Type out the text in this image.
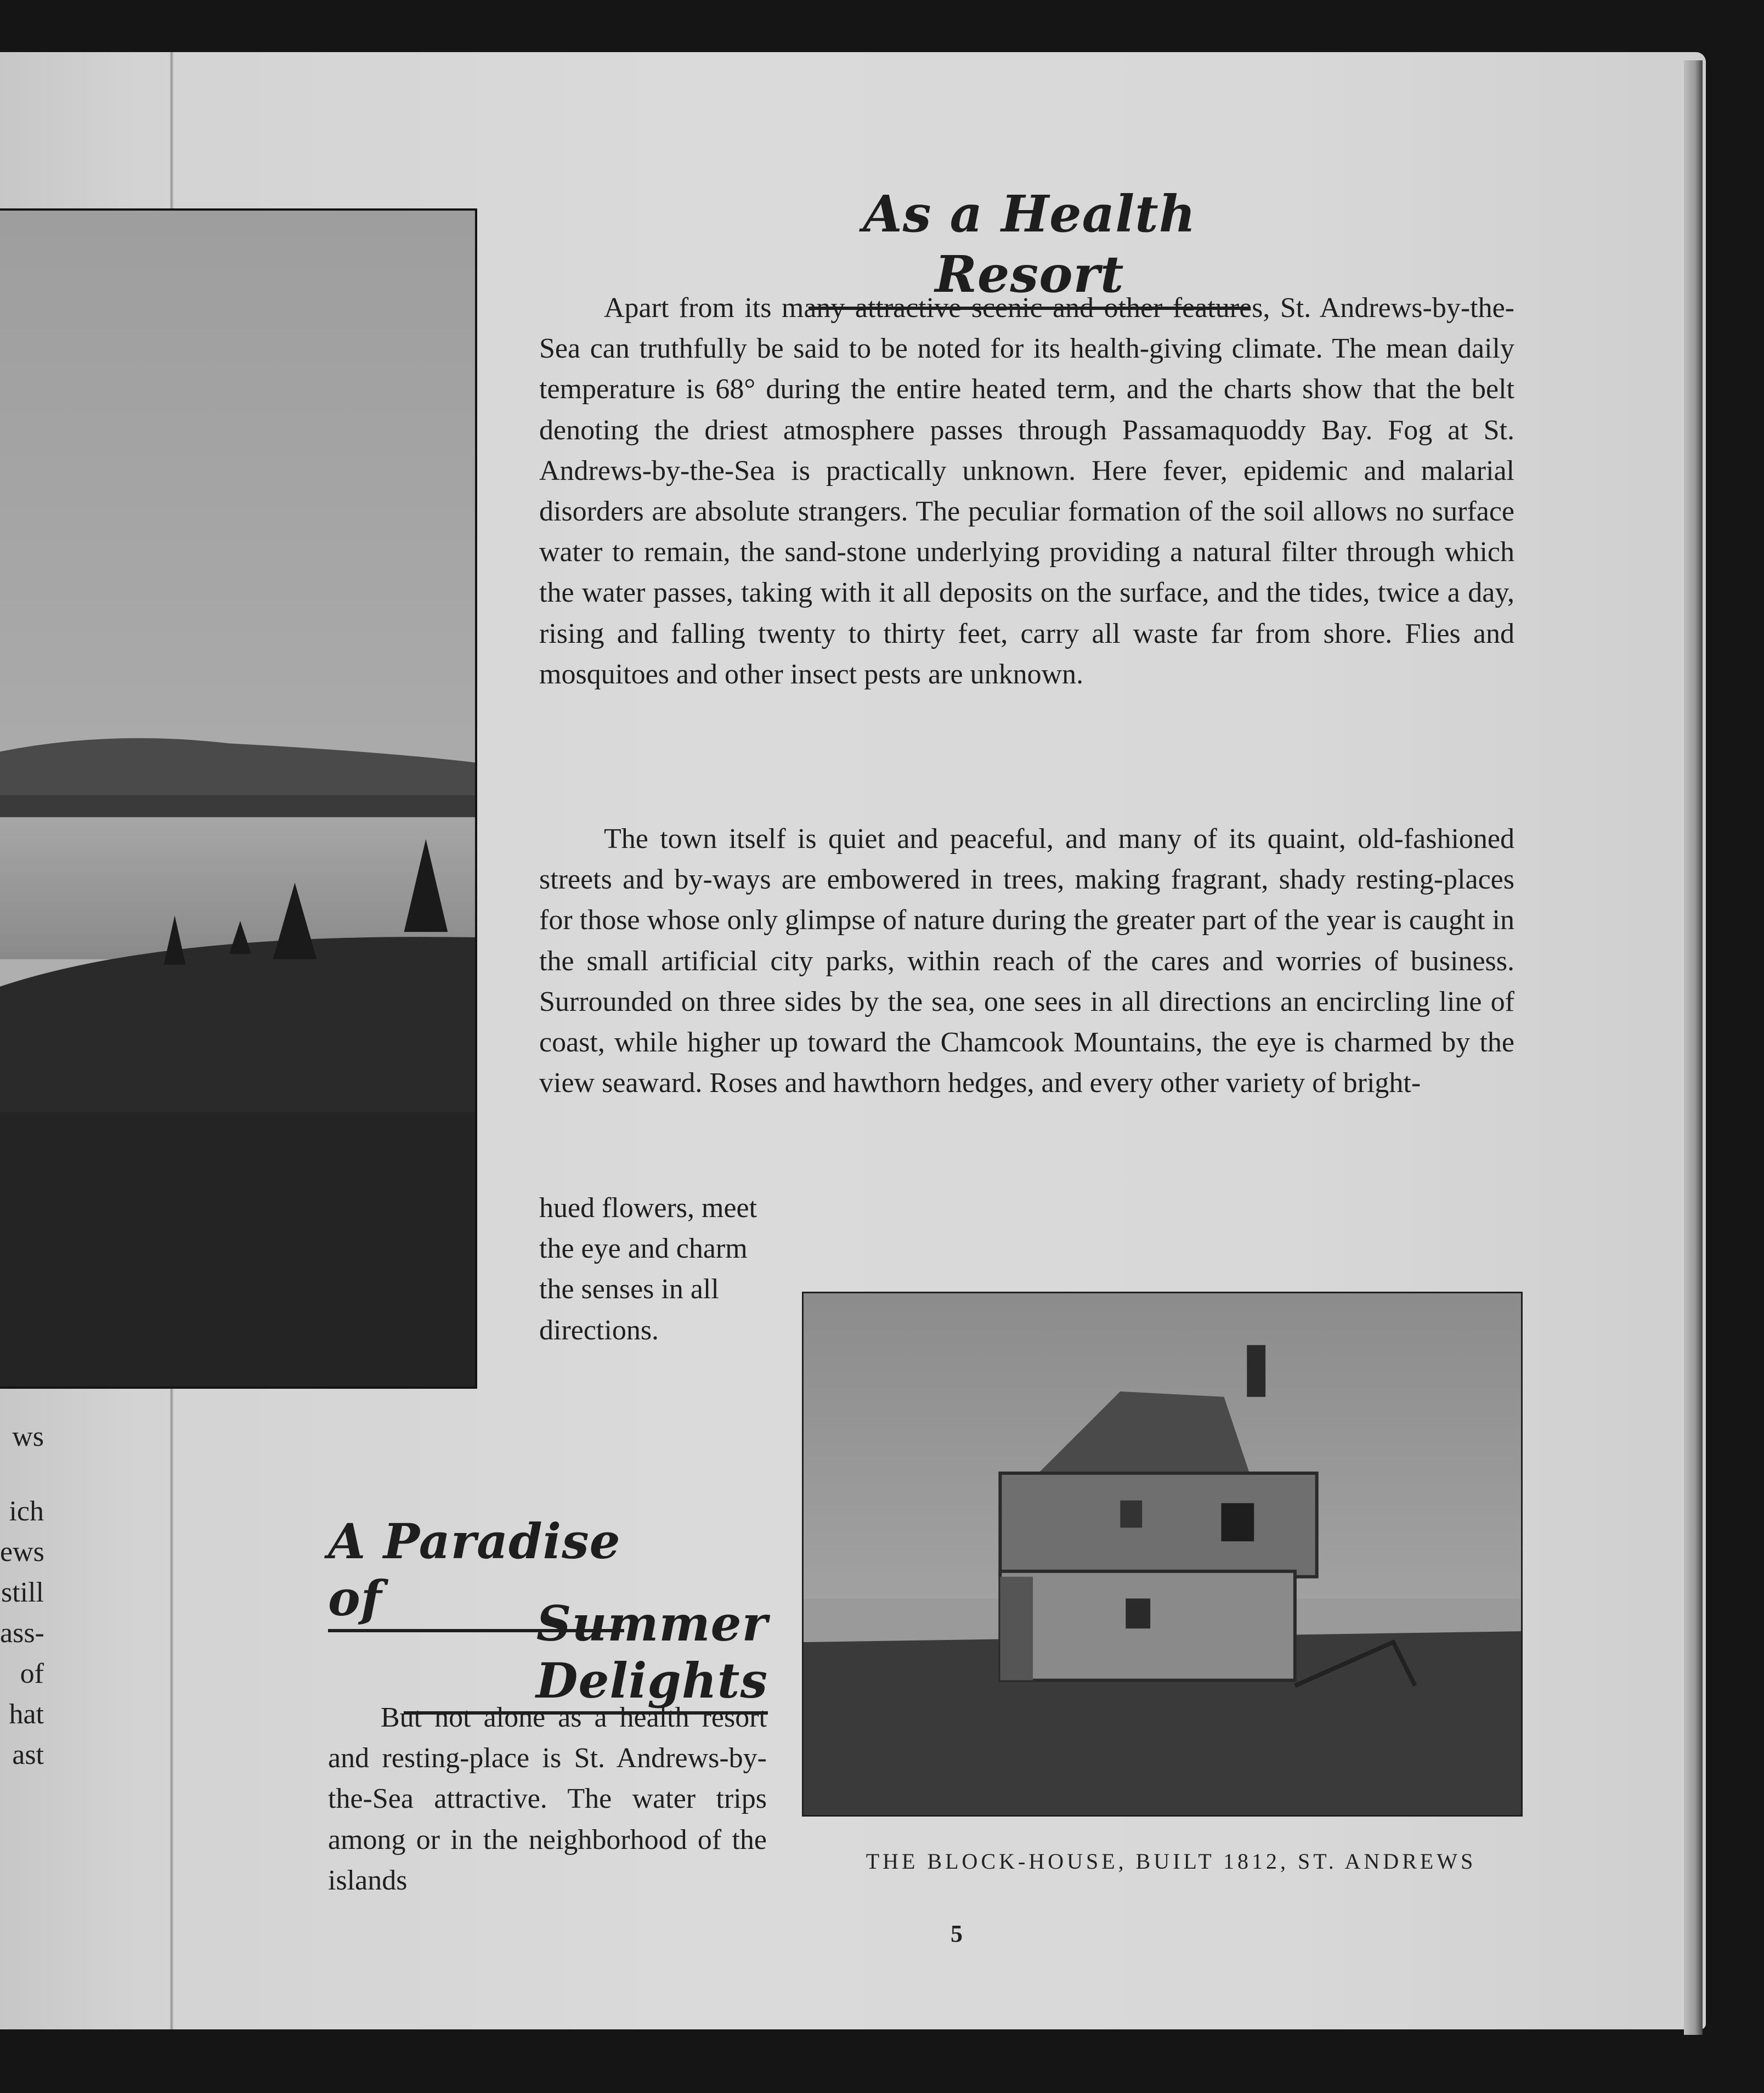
As a Health Resort

Apart from its many attractive scenic and other features, St. Andrews-by-the-Sea can truthfully be said to be noted for its health-giving climate. The mean daily temperature is 68° during the entire heated term, and the charts show that the belt denoting the driest atmosphere passes through Passamaquoddy Bay. Fog at St. Andrews-by-the-Sea is practically unknown. Here fever, epidemic and malarial disorders are absolute strangers. The peculiar formation of the soil allows no surface water to remain, the sand-stone underlying providing a natural filter through which the water passes, taking with it all deposits on the surface, and the tides, twice a day, rising and falling twenty to thirty feet, carry all waste far from shore. Flies and mosquitoes and other insect pests are unknown.

The town itself is quiet and peaceful, and many of its quaint, old-fashioned streets and by-ways are embowered in trees, making fragrant, shady resting-places for those whose only glimpse of nature during the greater part of the year is caught in the small artificial city parks, within reach of the cares and worries of business. Surrounded on three sides by the sea, one sees in all directions an encircling line of coast, while higher up toward the Chamcook Mountains, the eye is charmed by the view seaward. Roses and hawthorn hedges, and every other variety of bright-

hued flowers, meet the eye and charm the senses in all directions.

A Paradise of	Summer Delights

But not alone as a health resort and resting-place is St. Andrews-by-the-Sea attractive. The water trips among or in the neighborhood of the islands

THE BLOCK-HOUSE, BUILT 1812, ST. ANDREWS
5
ws
ich
ews
still
ass-
of
hat
ast
